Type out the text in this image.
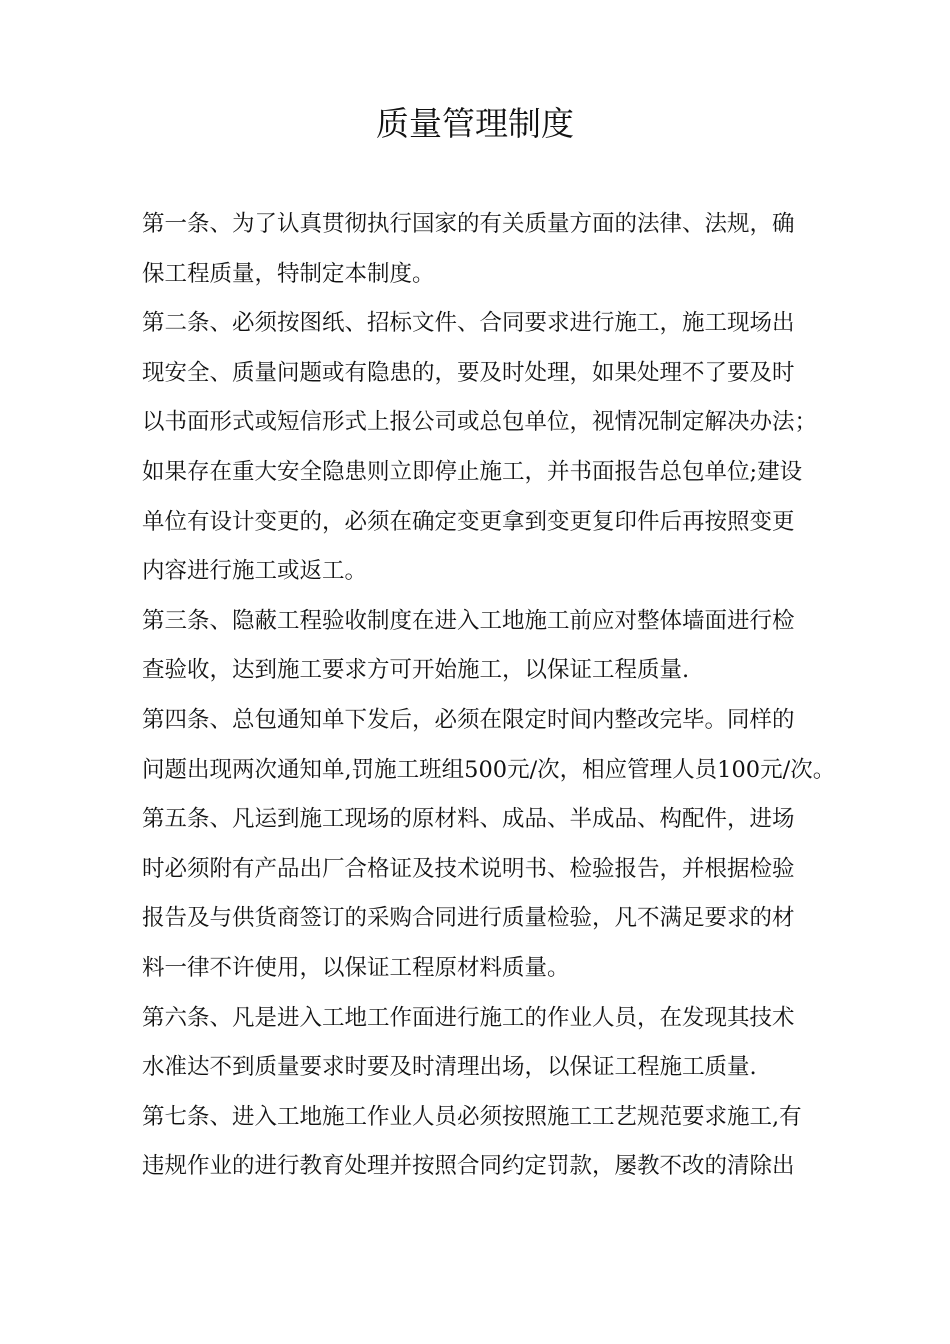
质量管理制度
第一条、为了认真贯彻执行国家的有关质量方面的法律、法规，确
保工程质量，特制定本制度。
第二条、必须按图纸、招标文件、合同要求进行施工，施工现场出
现安全、质量问题或有隐患的，要及时处理，如果处理不了要及时
以书面形式或短信形式上报公司或总包单位，视情况制定解决办法；
如果存在重大安全隐患则立即停止施工，并书面报告总包单位;建设
单位有设计变更的，必须在确定变更拿到变更复印件后再按照变更
内容进行施工或返工。
第三条、隐蔽工程验收制度在进入工地施工前应对整体墙面进行检
查验收，达到施工要求方可开始施工，以保证工程质量.
第四条、总包通知单下发后，必须在限定时间内整改完毕。同样的
问题出现两次通知单,罚施工班组500元/次，相应管理人员100元/次。
第五条、凡运到施工现场的原材料、成品、半成品、构配件，进场
时必须附有产品出厂合格证及技术说明书、检验报告，并根据检验
报告及与供货商签订的采购合同进行质量检验，凡不满足要求的材
料一律不许使用，以保证工程原材料质量。
第六条、凡是进入工地工作面进行施工的作业人员，在发现其技术
水准达不到质量要求时要及时清理出场，以保证工程施工质量.
第七条、进入工地施工作业人员必须按照施工工艺规范要求施工,有
违规作业的进行教育处理并按照合同约定罚款，屡教不改的清除出
